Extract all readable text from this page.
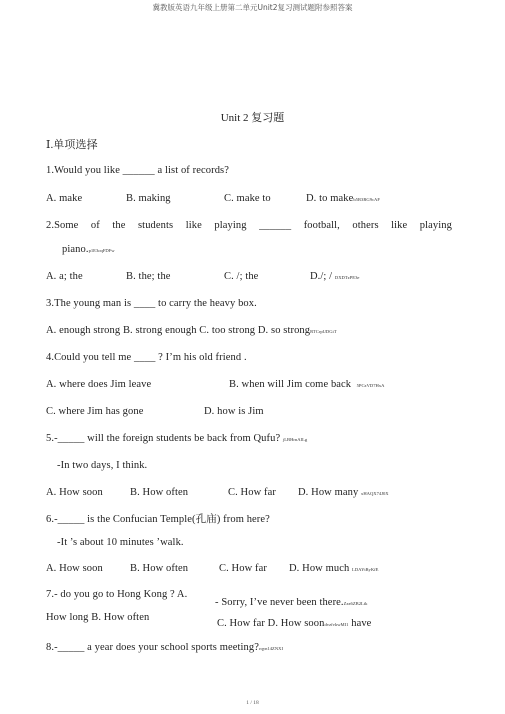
冀教版英语九年级上册第二单元Unit2复习测试题附参照答案
Unit 2 复习题
Ⅰ.单项选择
1.Would you like ______ a list of records?
A. make	B. making	C. make to	D. to makeb5R3RG9cAF
2.Some of the students like playing ______ football, others like playing
piano.p1E3oqFDFw
A. a; the	B. the; the	C. /; the	D./; / DXDTzPE3e
3.The young man is ____ to carry the heavy box.
A. enough strong B. strong enough C. too strong D. so strongRTCrpUDGiT
4.Could you tell me ____ ? I’m his old friend .
A. where does Jim leave	B. when will Jim come back 5PCzVD7HxA
C. where Jim has gone	D. how is Jim
5.-_____ will the foreign students be back from Qufu? jLBHrnAILg
-In two days, I think.
A. How soon	B. How often	C. How far D. How many xHAQX74J0X
6.-_____ is the Confucian Temple(孔庙) from here?
-It ’s about 10 minutes ’walk.
A. How soon	B. How often	C. How far D. How much LDAYtRyKfE
7.- do you go to Hong Kong ? A.
- Sorry, I’ve never been there.Zzz6ZB2Ltk
How long B. How often
C. How far D. How soondvzfvkwMI1 have
8.-_____ a year does your school sports meeting?rqyn14ZNXI
1 / 18
